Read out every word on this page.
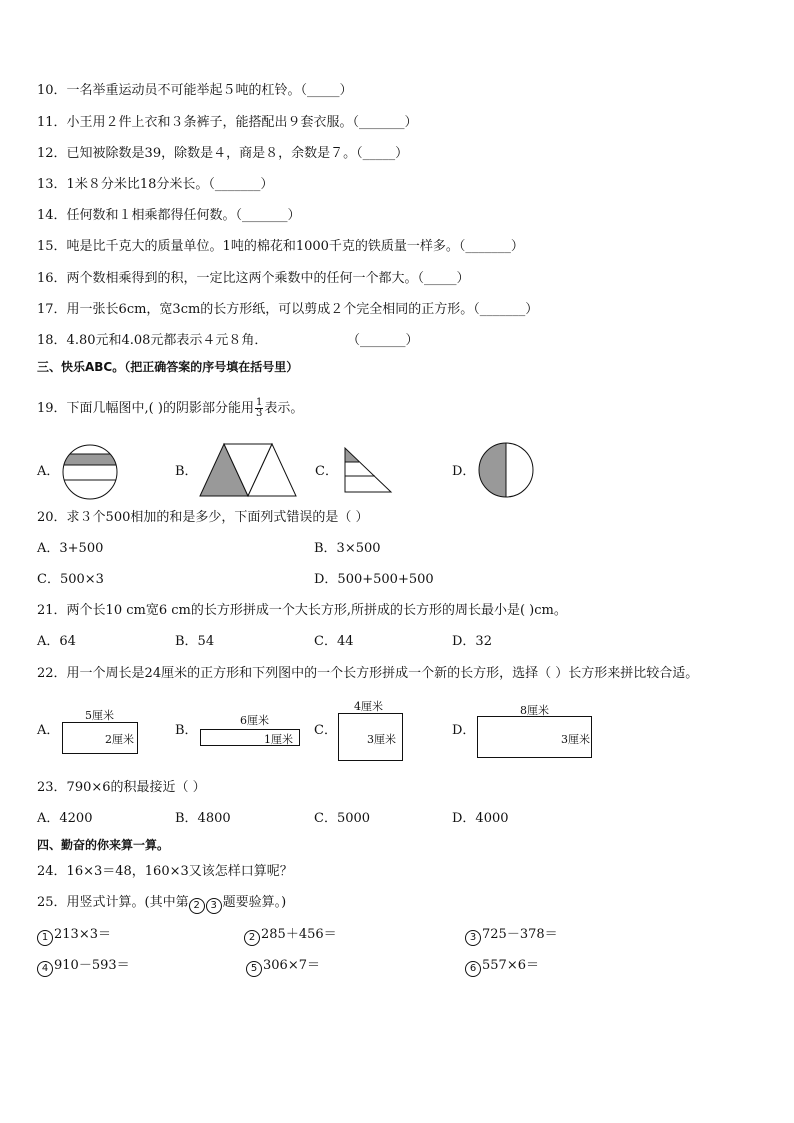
10．一名举重运动员不可能举起５吨的杠铃。（_____）
11．小王用２件上衣和３条裤子，能搭配出９套衣服。（_______）
12．已知被除数是39，除数是４，商是８，余数是７。（_____）
13．1米８分米比18分米长。（_______）
14．任何数和１相乘都得任何数。（_______）
15．吨是比千克大的质量单位。1吨的棉花和1000千克的铁质量一样多。（_______）
16．两个数相乘得到的积，一定比这两个乘数中的任何一个都大。（_____）
17．用一张长6cm，宽3cm的长方形纸，可以剪成２个完全相同的正方形。（_______）
18．4.80元和4.08元都表示４元８角．	（_______）
三、快乐ABC。（把正确答案的序号填在括号里）
19．下面几幅图中,( )的阴影部分能用 $\frac{1}{3}$ 表示。
A．	B．	C．	D．
20．求３个500相加的和是多少，下面列式错误的是（ ）
A．3+500	B．3×500
C．500×3	D．500+500+500
21．两个长10 cm宽6 cm的长方形拼成一个大长方形,所拼成的长方形的周长最小是( )cm。
A．64	B．54	C．44	D．32
22．用一个周长是24厘米的正方形和下列图中的一个长方形拼成一个新的长方形，选择（ ）长方形来拼比较合适。
A．
5厘米
2厘米
B．
6厘米
1厘米
C．
4厘米
3厘米
D．
8厘米
3厘米
23．790×6的积最接近（ ）
A．4200	B．4800	C．5000	D．4000
四、勤奋的你来算一算。
24．16×3＝48，160×3又该怎样口算呢？
25．用竖式计算。(其中第 2 3 题要验算。)
1 213×3＝	2 285＋456＝	3 725－378＝
4 910－593＝	5 306×7＝	6 557×6＝
